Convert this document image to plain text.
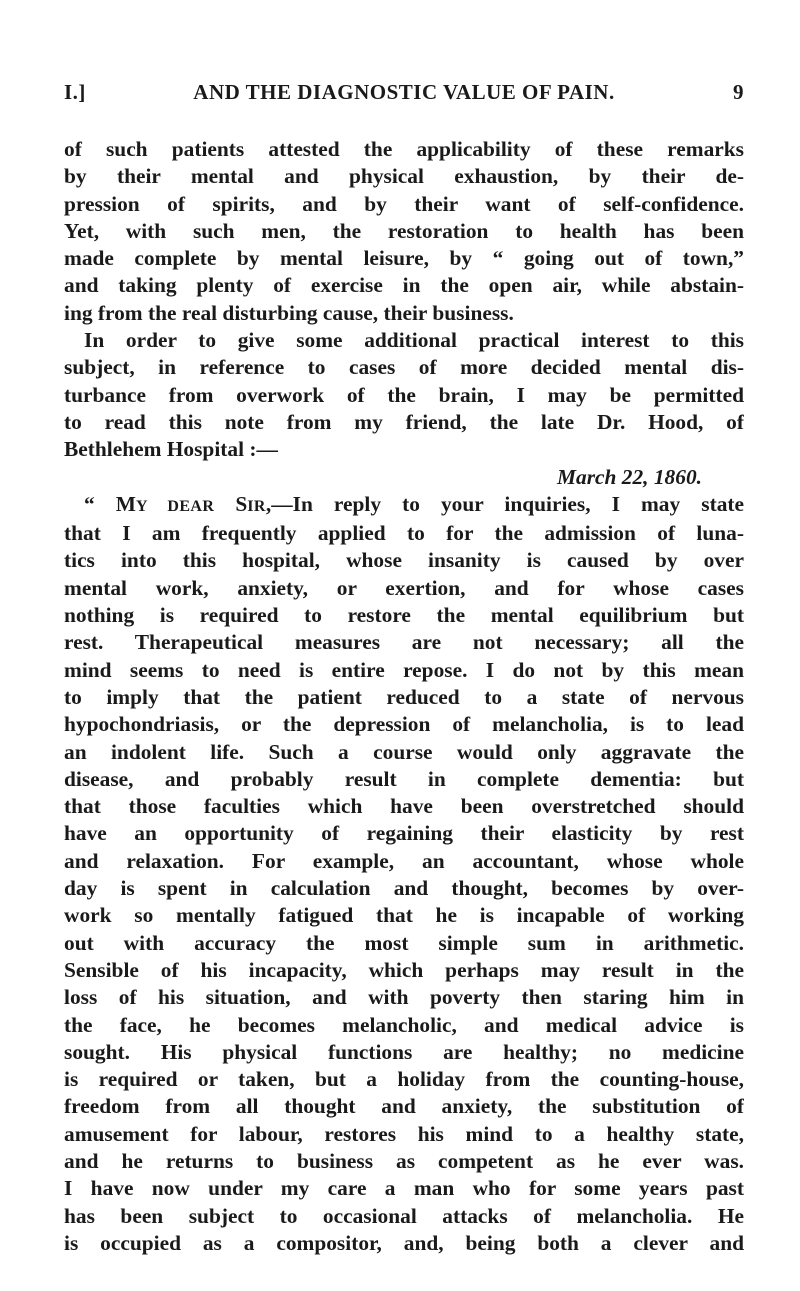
I.]	AND THE DIAGNOSTIC VALUE OF PAIN.	9
of such patients attested the applicability of these remarks
by their mental and physical exhaustion, by their de-
pression of spirits, and by their want of self-confidence.
Yet, with such men, the restoration to health has been
made complete by mental leisure, by “ going out of town,”
and taking plenty of exercise in the open air, while abstain-
ing from the real disturbing cause, their business.
In order to give some additional practical interest to this
subject, in reference to cases of more decided mental dis-
turbance from overwork of the brain, I may be permitted
to read this note from my friend, the late Dr. Hood, of
Bethlehem Hospital :—
March 22, 1860.
“ MY DEAR SIR,—In reply to your inquiries, I may state
that I am frequently applied to for the admission of luna-
tics into this hospital, whose insanity is caused by over
mental work, anxiety, or exertion, and for whose cases
nothing is required to restore the mental equilibrium but
rest. Therapeutical measures are not necessary; all the
mind seems to need is entire repose. I do not by this mean
to imply that the patient reduced to a state of nervous
hypochondriasis, or the depression of melancholia, is to lead
an indolent life. Such a course would only aggravate the
disease, and probably result in complete dementia: but
that those faculties which have been overstretched should
have an opportunity of regaining their elasticity by rest
and relaxation. For example, an accountant, whose whole
day is spent in calculation and thought, becomes by over-
work so mentally fatigued that he is incapable of working
out with accuracy the most simple sum in arithmetic.
Sensible of his incapacity, which perhaps may result in the
loss of his situation, and with poverty then staring him in
the face, he becomes melancholic, and medical advice is
sought. His physical functions are healthy; no medicine
is required or taken, but a holiday from the counting-house,
freedom from all thought and anxiety, the substitution of
amusement for labour, restores his mind to a healthy state,
and he returns to business as competent as he ever was.
I have now under my care a man who for some years past
has been subject to occasional attacks of melancholia. He
is occupied as a compositor, and, being both a clever and
